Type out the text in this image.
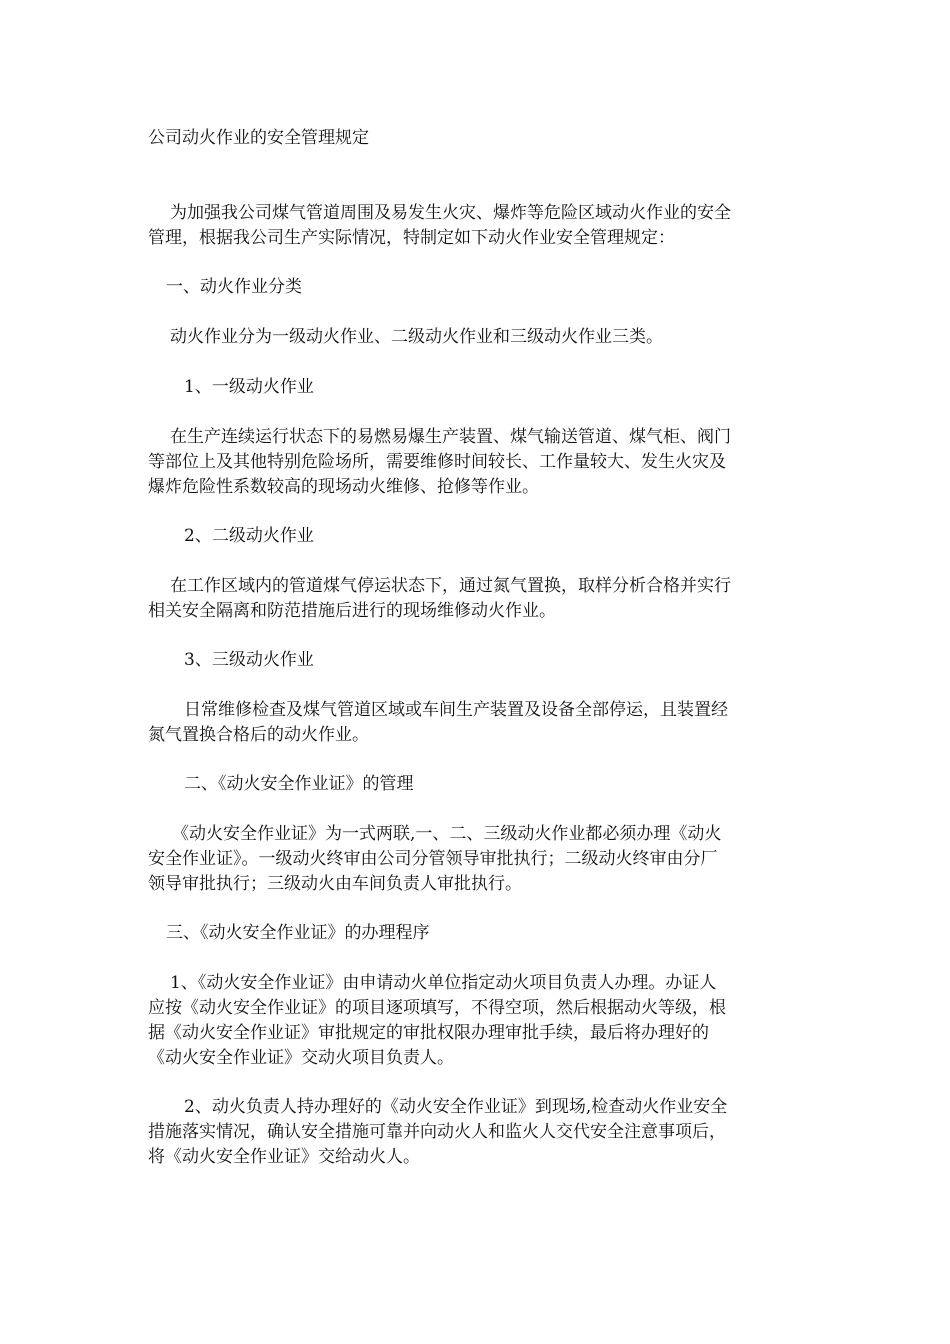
公司动火作业的安全管理规定
为加强我公司煤气管道周围及易发生火灾、爆炸等危险区域动火作业的安全
管理，根据我公司生产实际情况，特制定如下动火作业安全管理规定：
一、动火作业分类
动火作业分为一级动火作业、二级动火作业和三级动火作业三类。
1、一级动火作业
在生产连续运行状态下的易燃易爆生产装置、煤气输送管道、煤气柜、阀门
等部位上及其他特别危险场所，需要维修时间较长、工作量较大、发生火灾及
爆炸危险性系数较高的现场动火维修、抢修等作业。
2、二级动火作业
在工作区域内的管道煤气停运状态下，通过氮气置换，取样分析合格并实行
相关安全隔离和防范措施后进行的现场维修动火作业。
3、三级动火作业
日常维修检查及煤气管道区域或车间生产装置及设备全部停运，且装置经
氮气置换合格后的动火作业。
二、《动火安全作业证》的管理
《动火安全作业证》为一式两联,一、二、三级动火作业都必须办理《动火
安全作业证》。一级动火终审由公司分管领导审批执行；二级动火终审由分厂
领导审批执行；三级动火由车间负责人审批执行。
三、《动火安全作业证》的办理程序
1、《动火安全作业证》由申请动火单位指定动火项目负责人办理。办证人
应按《动火安全作业证》的项目逐项填写，不得空项，然后根据动火等级，根
据《动火安全作业证》审批规定的审批权限办理审批手续，最后将办理好的
《动火安全作业证》交动火项目负责人。
2、动火负责人持办理好的《动火安全作业证》到现场,检查动火作业安全
措施落实情况，确认安全措施可靠并向动火人和监火人交代安全注意事项后，
将《动火安全作业证》交给动火人。
